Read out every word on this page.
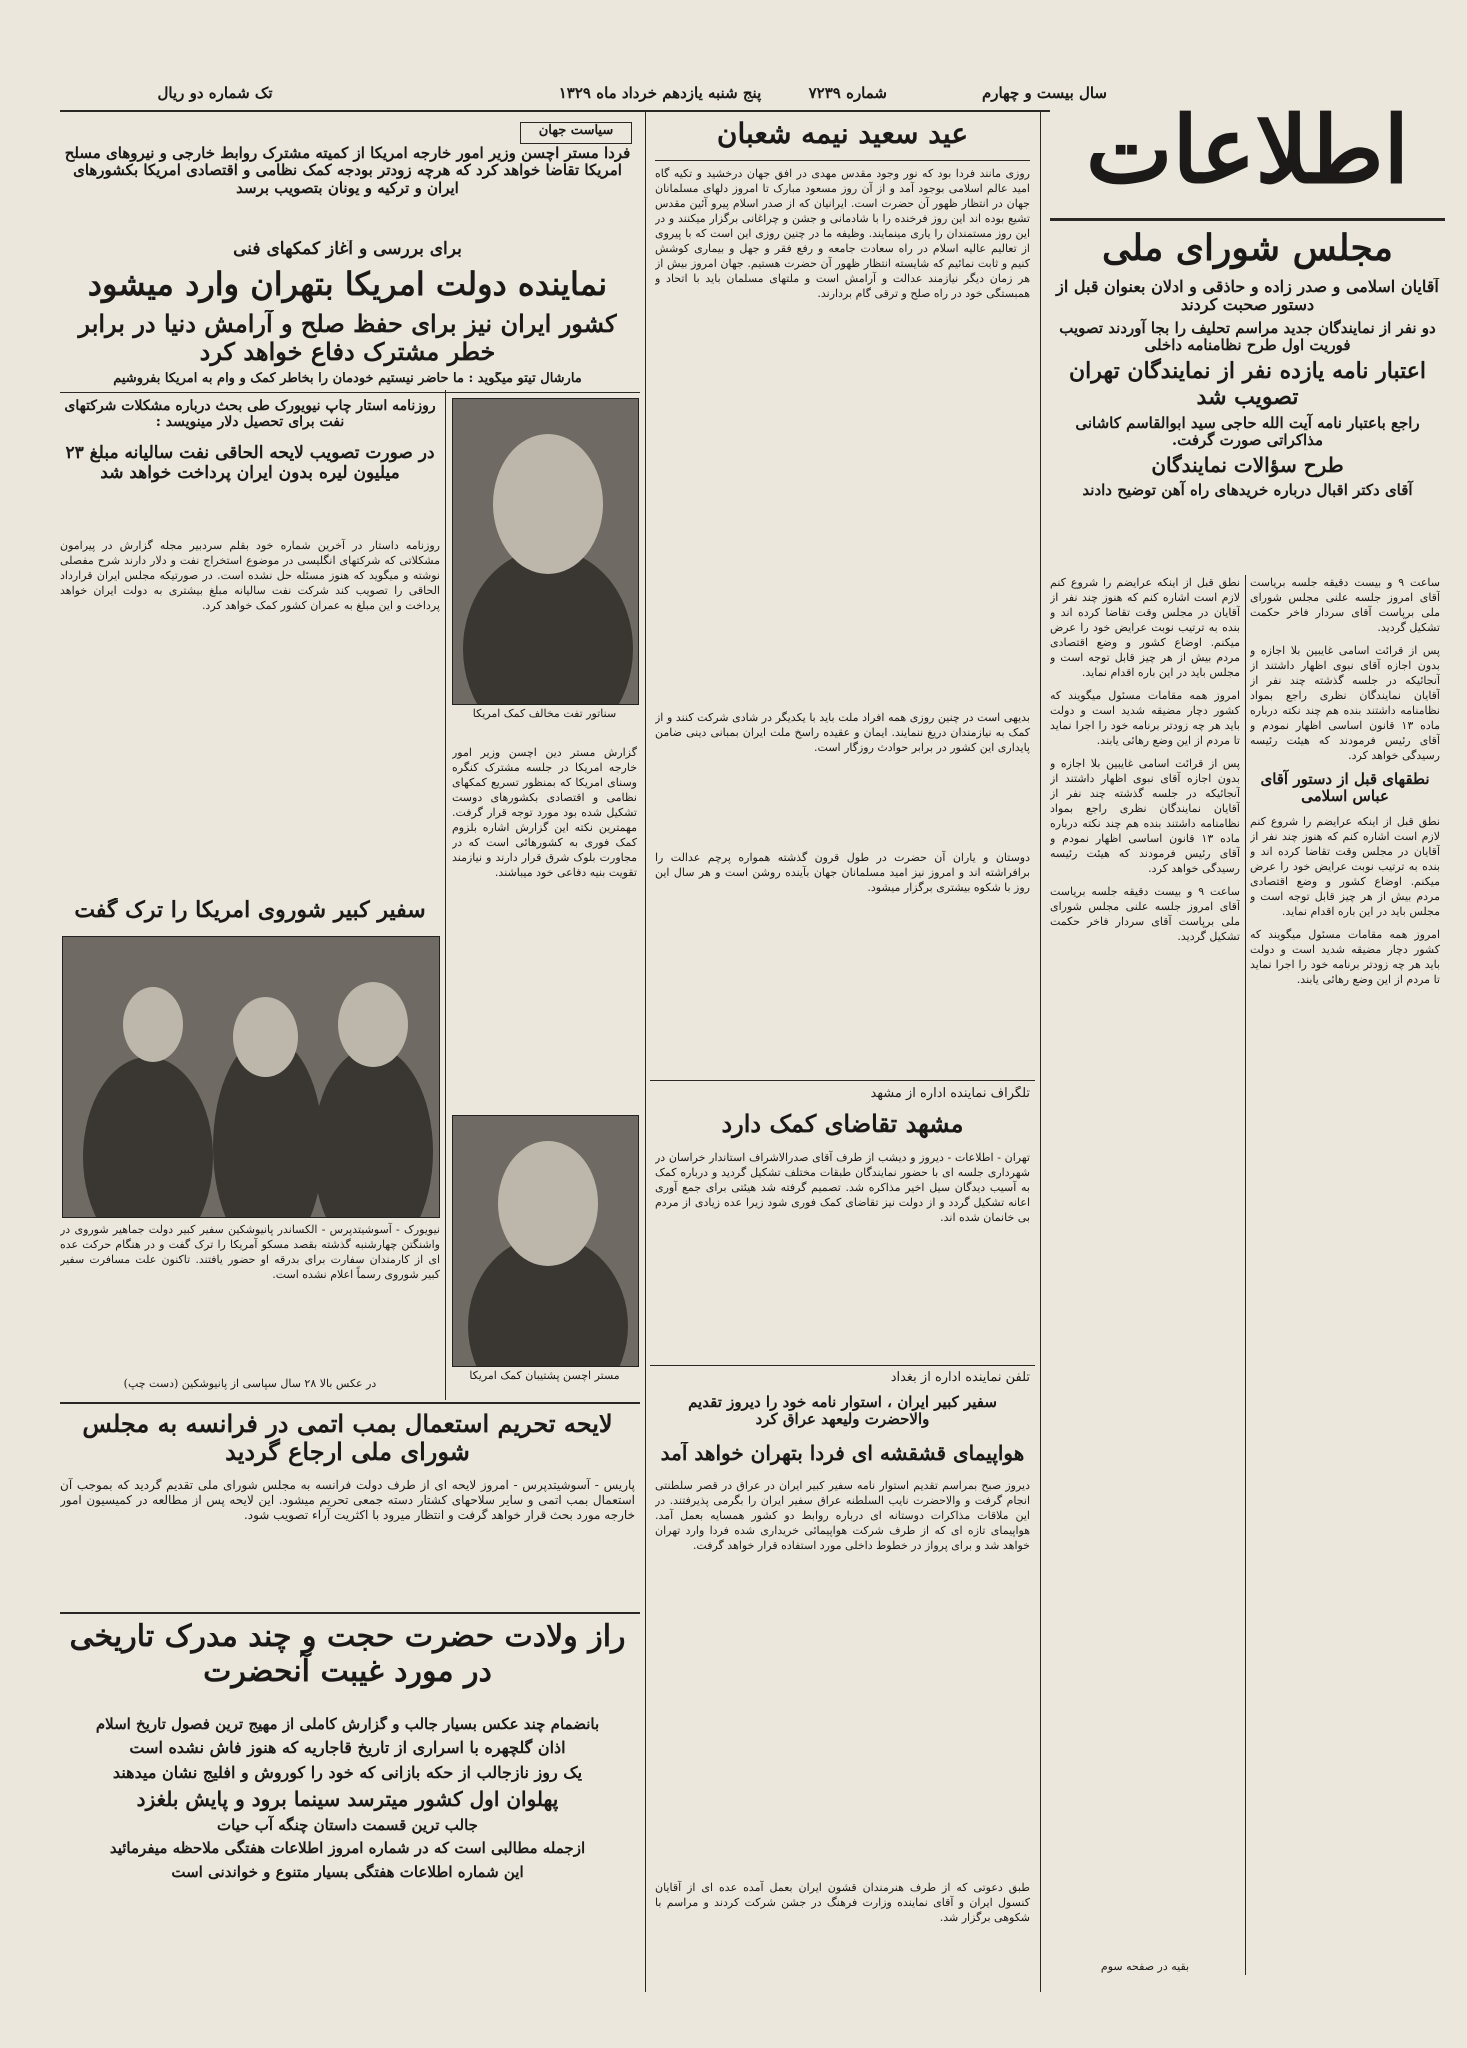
سال بیست و چهارم
شماره ۷۲۳۹
پنج شنبه یازدهم خرداد ماه ۱۳۲۹
تک شماره دو ریال
اطلاعات
مجلس شورای ملی
آقایان اسلامی و صدر زاده و حاذقی و ادلان بعنوان قبل از دستور صحبت کردند
دو نفر از نمایندگان جدید مراسم تحلیف را بجا آوردند تصویب فوریت اول طرح نظامنامه داخلی
اعتبار نامه یازده نفر از نمایندگان تهران تصویب شد
راجع باعتبار نامه آیت الله حاجی سید ابوالقاسم کاشانی مذاکراتی صورت گرفت.
طرح سؤالات نمایندگان
آقای دکتر اقبال درباره خریدهای راه آهن توضیح دادند

ساعت ۹ و بیست دقیقه جلسه بریاست آقای امروز جلسه علنی مجلس شورای ملی برپاست آقای سردار فاخر حکمت تشکیل گردید.

پس از قرائت اسامی غایبین بلا اجازه و بدون اجازه آقای نبوی اظهار داشتند از آنجائیکه در جلسه گذشته چند نفر از آقایان نمایندگان نظری راجع بمواد نظامنامه داشتند بنده هم چند نکته درباره ماده ۱۳ قانون اساسی اظهار نمودم و آقای رئیس فرمودند که هیئت رئیسه رسیدگی خواهد کرد.

نطقهای قبل از دستور آقای عباس اسلامی

نطق قبل از اینکه عرایضم را شروع کنم لازم است اشاره کنم که هنوز چند نفر از آقایان در مجلس وقت تقاضا کرده اند و بنده به ترتیب نوبت عرایض خود را عرض میکنم. اوضاع کشور و وضع اقتصادی مردم بیش از هر چیز قابل توجه است و مجلس باید در این باره اقدام نماید.

امروز همه مقامات مسئول میگویند که کشور دچار مضیقه شدید است و دولت باید هر چه زودتر برنامه خود را اجرا نماید تا مردم از این وضع رهائی یابند.

نطق قبل از اینکه عرایضم را شروع کنم لازم است اشاره کنم که هنوز چند نفر از آقایان در مجلس وقت تقاضا کرده اند و بنده به ترتیب نوبت عرایض خود را عرض میکنم. اوضاع کشور و وضع اقتصادی مردم بیش از هر چیز قابل توجه است و مجلس باید در این باره اقدام نماید.

امروز همه مقامات مسئول میگویند که کشور دچار مضیقه شدید است و دولت باید هر چه زودتر برنامه خود را اجرا نماید تا مردم از این وضع رهائی یابند.

پس از قرائت اسامی غایبین بلا اجازه و بدون اجازه آقای نبوی اظهار داشتند از آنجائیکه در جلسه گذشته چند نفر از آقایان نمایندگان نظری راجع بمواد نظامنامه داشتند بنده هم چند نکته درباره ماده ۱۳ قانون اساسی اظهار نمودم و آقای رئیس فرمودند که هیئت رئیسه رسیدگی خواهد کرد.

ساعت ۹ و بیست دقیقه جلسه بریاست آقای امروز جلسه علنی مجلس شورای ملی برپاست آقای سردار فاخر حکمت تشکیل گردید.

بقیه در صفحه سوم
عید سعید نیمه شعبان
روزی مانند فردا بود که نور وجود مقدس مهدی در افق جهان درخشید و تکیه گاه امید عالم اسلامی بوجود آمد و از آن روز مسعود مبارک تا امروز دلهای مسلمانان جهان در انتظار ظهور آن حضرت است. ایرانیان که از صدر اسلام پیرو آئین مقدس تشیع بوده اند این روز فرخنده را با شادمانی و جشن و چراغانی برگزار میکنند و در این روز مستمندان را یاری مینمایند. وظیفه ما در چنین روزی این است که با پیروی از تعالیم عالیه اسلام در راه سعادت جامعه و رفع فقر و جهل و بیماری کوشش کنیم و ثابت نمائیم که شایسته انتظار ظهور آن حضرت هستیم. جهان امروز بیش از هر زمان دیگر نیازمند عدالت و آرامش است و ملتهای مسلمان باید با اتحاد و همبستگی خود در راه صلح و ترقی گام بردارند.
بدیهی است در چنین روزی همه افراد ملت باید با یکدیگر در شادی شرکت کنند و از کمک به نیازمندان دریغ ننمایند. ایمان و عقیده راسخ ملت ایران بمبانی دینی ضامن پایداری این کشور در برابر حوادث روزگار است.
دوستان و یاران آن حضرت در طول قرون گذشته همواره پرچم عدالت را برافراشته اند و امروز نیز امید مسلمانان جهان بآینده روشن است و هر سال این روز با شکوه بیشتری برگزار میشود.
تلگراف نماینده اداره از مشهد
مشهد تقاضای کمک دارد
تهران - اطلاعات - دیروز و دیشب از طرف آقای صدرالاشراف استاندار خراسان در شهرداری جلسه ای با حضور نمایندگان طبقات مختلف تشکیل گردید و درباره کمک به آسیب دیدگان سیل اخیر مذاکره شد. تصمیم گرفته شد هیئتی برای جمع آوری اعانه تشکیل گردد و از دولت نیز تقاضای کمک فوری شود زیرا عده زیادی از مردم بی خانمان شده اند.
تلفن نماینده اداره از بغداد
سفیر کبیر ایران ، استوار نامه خود را دیروز تقدیم والاحضرت ولیعهد عراق کرد
هواپیمای قشقشه ای فردا بتهران خواهد آمد
دیروز صبح بمراسم تقدیم استوار نامه سفیر کبیر ایران در عراق در قصر سلطنتی انجام گرفت و والاحضرت نایب السلطنه عراق سفیر ایران را بگرمی پذیرفتند. در این ملاقات مذاکرات دوستانه ای درباره روابط دو کشور همسایه بعمل آمد. هواپیمای تازه ای که از طرف شرکت هواپیمائی خریداری شده فردا وارد تهران خواهد شد و برای پرواز در خطوط داخلی مورد استفاده قرار خواهد گرفت.
طبق دعوتی که از طرف هنرمندان قشون ایران بعمل آمده عده ای از آقایان کنسول ایران و آقای نماینده وزارت فرهنگ در جشن شرکت کردند و مراسم با شکوهی برگزار شد.
سیاست جهان
فردا مستر اچسن وزیر امور خارجه امریکا از کمیته مشترک روابط خارجی و نیروهای مسلح امریکا تقاضا خواهد کرد که هرچه زودتر بودجه کمک نظامی و اقتصادی امریکا بکشورهای ایران و ترکیه و یونان بتصویب برسد
برای بررسی و آغاز کمکهای فنی
نماینده دولت امریکا بتهران وارد میشود
کشور ایران نیز برای حفظ صلح و آرامش دنیا در برابر خطر مشترک دفاع خواهد کرد
مارشال تیتو میگوید : ما حاضر نیستیم خودمان را بخاطر کمک و وام به امریکا بفروشیم
روزنامه استار چاپ نیویورک طی بحث درباره مشکلات شرکتهای نفت برای تحصیل دلار مینویسد :
در صورت تصویب لایحه الحاقی نفت سالیانه مبلغ ۲۳ میلیون لیره بدون ایران پرداخت خواهد شد
روزنامه داستار در آخرین شماره خود بقلم سردبیر مجله گزارش در پیرامون مشکلاتی که شرکتهای انگلیسی در موضوع استخراج نفت و دلار دارند شرح مفصلی نوشته و میگوید که هنوز مسئله حل نشده است. در صورتیکه مجلس ایران قرارداد الحاقی را تصویب کند شرکت نفت سالیانه مبلغ بیشتری به دولت ایران خواهد پرداخت و این مبلغ به عمران کشور کمک خواهد کرد.
سناتور تفت مخالف کمک امریکا
گزارش مستر دین اچسن وزیر امور خارجه امریکا در جلسه مشترک کنگره وسنای امریکا که بمنظور تسریع کمکهای نظامی و اقتصادی بکشورهای دوست تشکیل شده بود مورد توجه قرار گرفت. مهمترین نکته این گزارش اشاره بلزوم کمک فوری به کشورهائی است که در مجاورت بلوک شرق قرار دارند و نیازمند تقویت بنیه دفاعی خود میباشند.
مستر اچسن پشتیبان کمک امریکا
سفیر کبیر شوروی امریکا را ترک گفت
نیویورک - آسوشیتدپرس - الکساندر پانیوشکین سفیر کبیر دولت جماهیر شوروی در واشنگتن چهارشنبه گذشته بقصد مسکو آمریکا را ترک گفت و در هنگام حرکت عده ای از کارمندان سفارت برای بدرقه او حضور یافتند. تاکنون علت مسافرت سفیر کبیر شوروی رسماً اعلام نشده است.
در عکس بالا ۲۸ سال سپاسی از پانیوشکین (دست چپ)
لایحه تحریم استعمال بمب اتمی در فرانسه به مجلس شورای ملی ارجاع گردید
پاریس - آسوشیتدپرس - امروز لایحه ای از طرف دولت فرانسه به مجلس شورای ملی تقدیم گردید که بموجب آن استعمال بمب اتمی و سایر سلاحهای کشتار دسته جمعی تحریم میشود. این لایحه پس از مطالعه در کمیسیون امور خارجه مورد بحث قرار خواهد گرفت و انتظار میرود با اکثریت آراء تصویب شود.
راز ولادت حضرت حجت و چند مدرک تاریخی در مورد غیبت آنحضرت
بانضمام چند عکس بسیار جالب و گزارش کاملی از مهیج ترین فصول تاریخ اسلام
اذان گلچهره با اسراری از تاریخ قاجاریه که هنوز فاش نشده است
یک روز نازجالب از حکه بازانی که خود را کوروش و افلیج نشان میدهند
پهلوان اول کشور میترسد سینما برود و پایش بلغزد
جالب ترین قسمت داستان چنگه آب حیات
ازجمله مطالبی است که در شماره امروز اطلاعات هفتگی ملاحظه میفرمائید
این شماره اطلاعات هفتگی بسیار متنوع و خواندنی است
